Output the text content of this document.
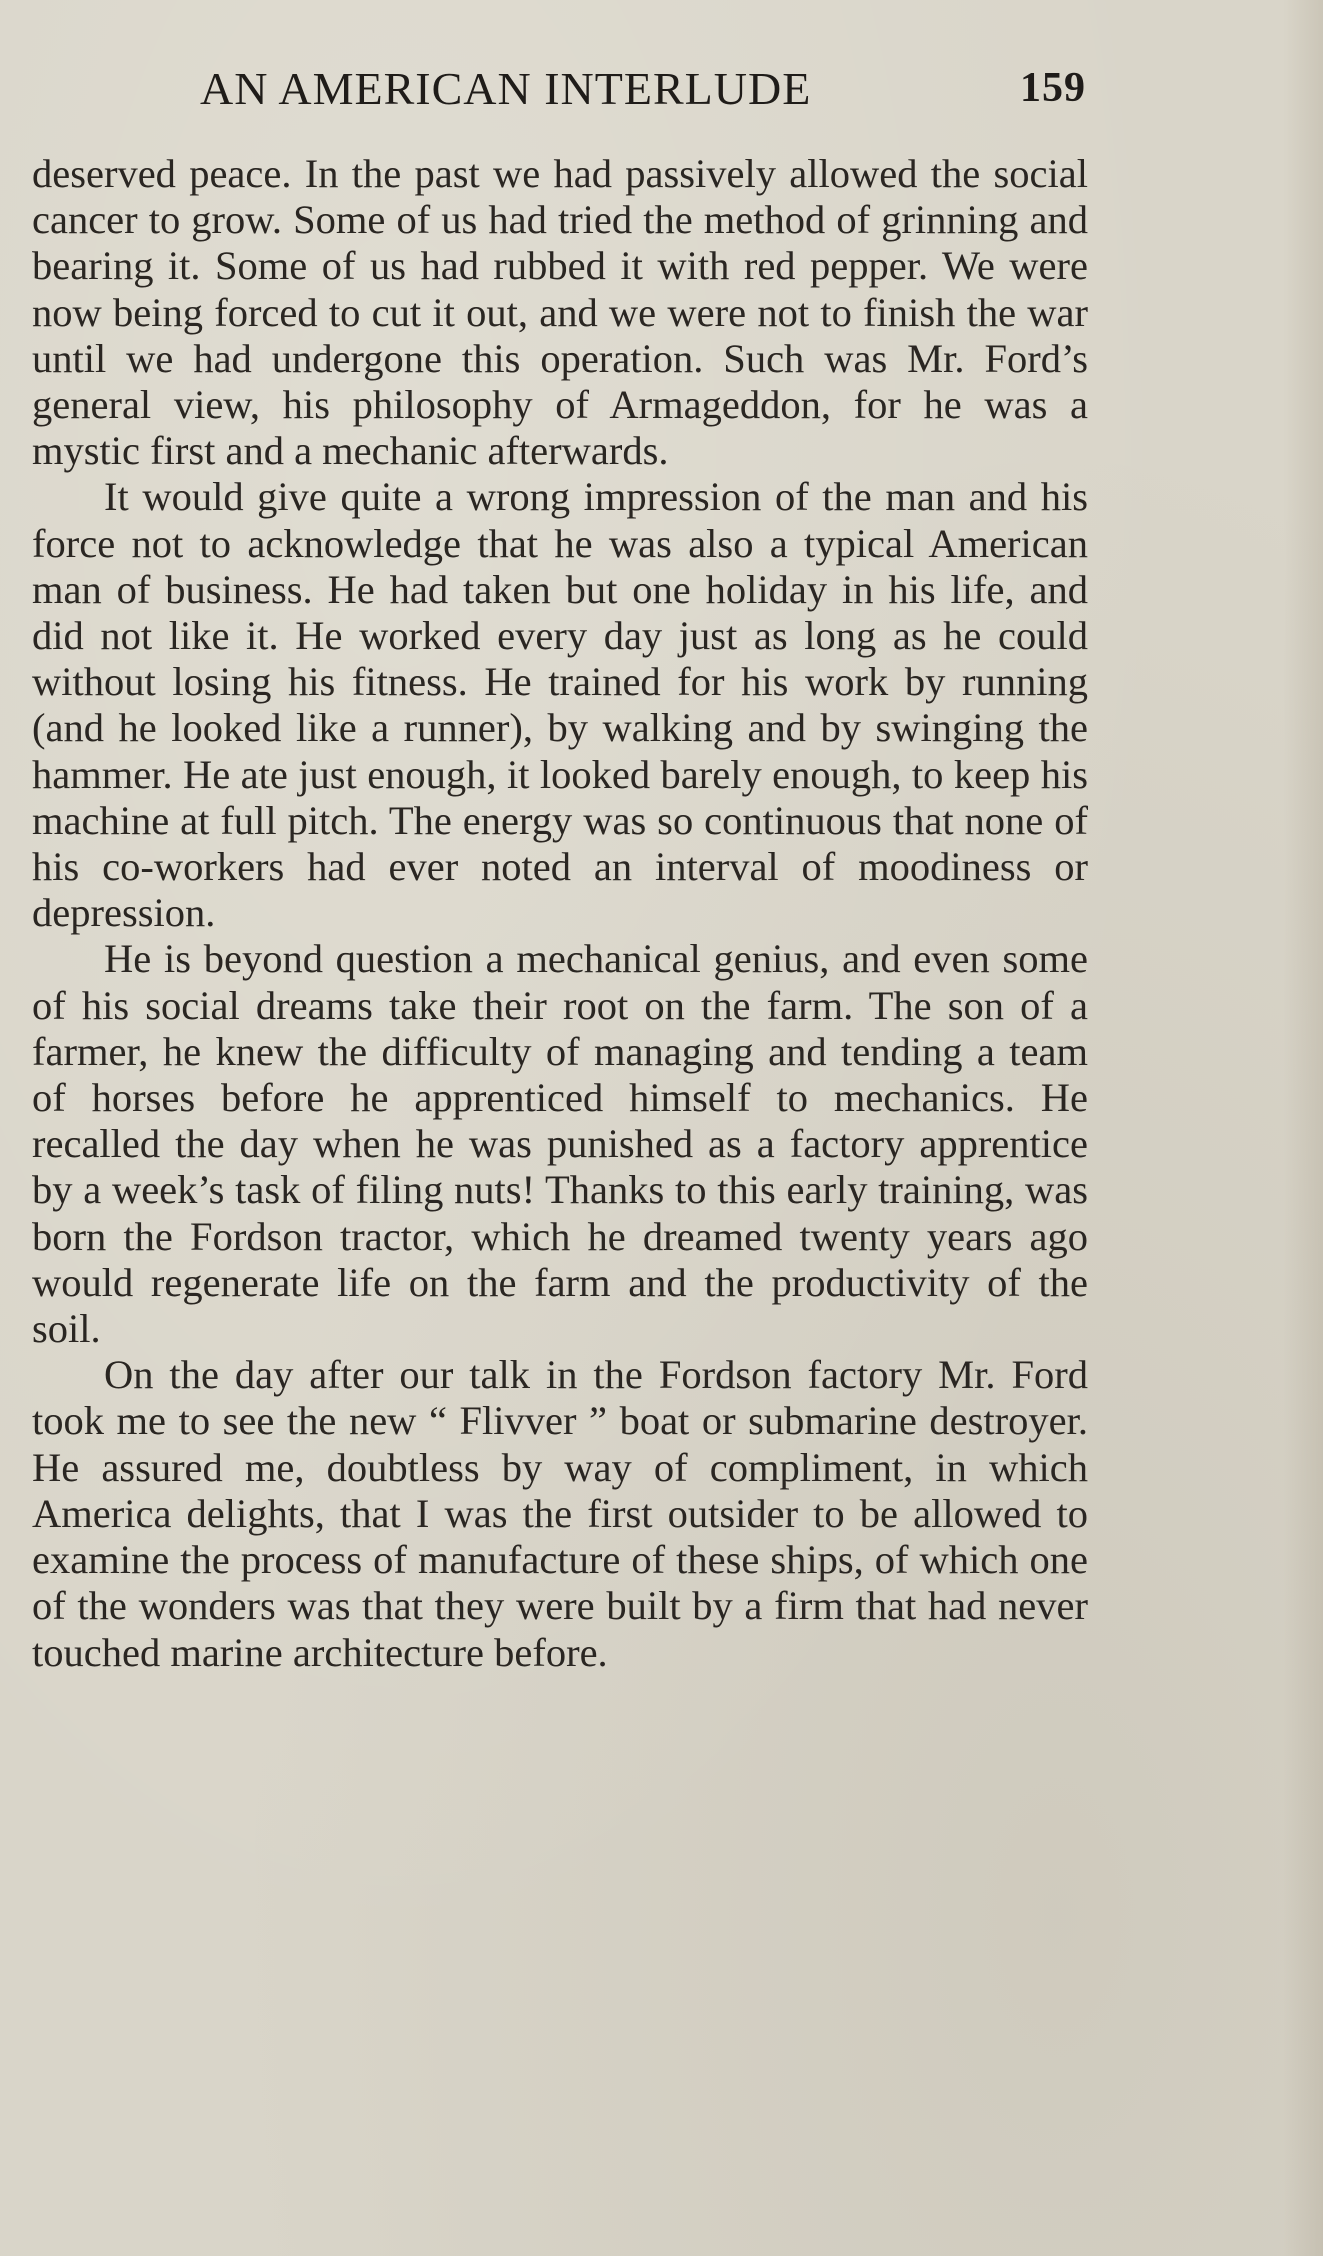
AN AMERICAN INTERLUDE	159

deserved peace. In the past we had passively allowed the social cancer to grow. Some of us had tried the method of grinning and bearing it. Some of us had rubbed it with red pepper. We were now being forced to cut it out, and we were not to finish the war until we had undergone this operation. Such was Mr. Ford’s general view, his philosophy of Armageddon, for he was a mystic first and a mechanic afterwards.

It would give quite a wrong impression of the man and his force not to acknowledge that he was also a typical American man of business. He had taken but one holiday in his life, and did not like it. He worked every day just as long as he could without losing his fitness. He trained for his work by running (and he looked like a runner), by walking and by swinging the hammer. He ate just enough, it looked barely enough, to keep his machine at full pitch. The energy was so continuous that none of his co-workers had ever noted an interval of moodiness or depression.

He is beyond question a mechanical genius, and even some of his social dreams take their root on the farm. The son of a farmer, he knew the difficulty of managing and tending a team of horses before he apprenticed himself to mechanics. He recalled the day when he was punished as a factory apprentice by a week’s task of filing nuts! Thanks to this early training, was born the Fordson tractor, which he dreamed twenty years ago would regenerate life on the farm and the productivity of the soil.

On the day after our talk in the Fordson factory Mr. Ford took me to see the new “ Flivver ” boat or submarine destroyer. He assured me, doubtless by way of compliment, in which America delights, that I was the first outsider to be allowed to examine the process of manufacture of these ships, of which one of the wonders was that they were built by a firm that had never touched marine architecture before.
